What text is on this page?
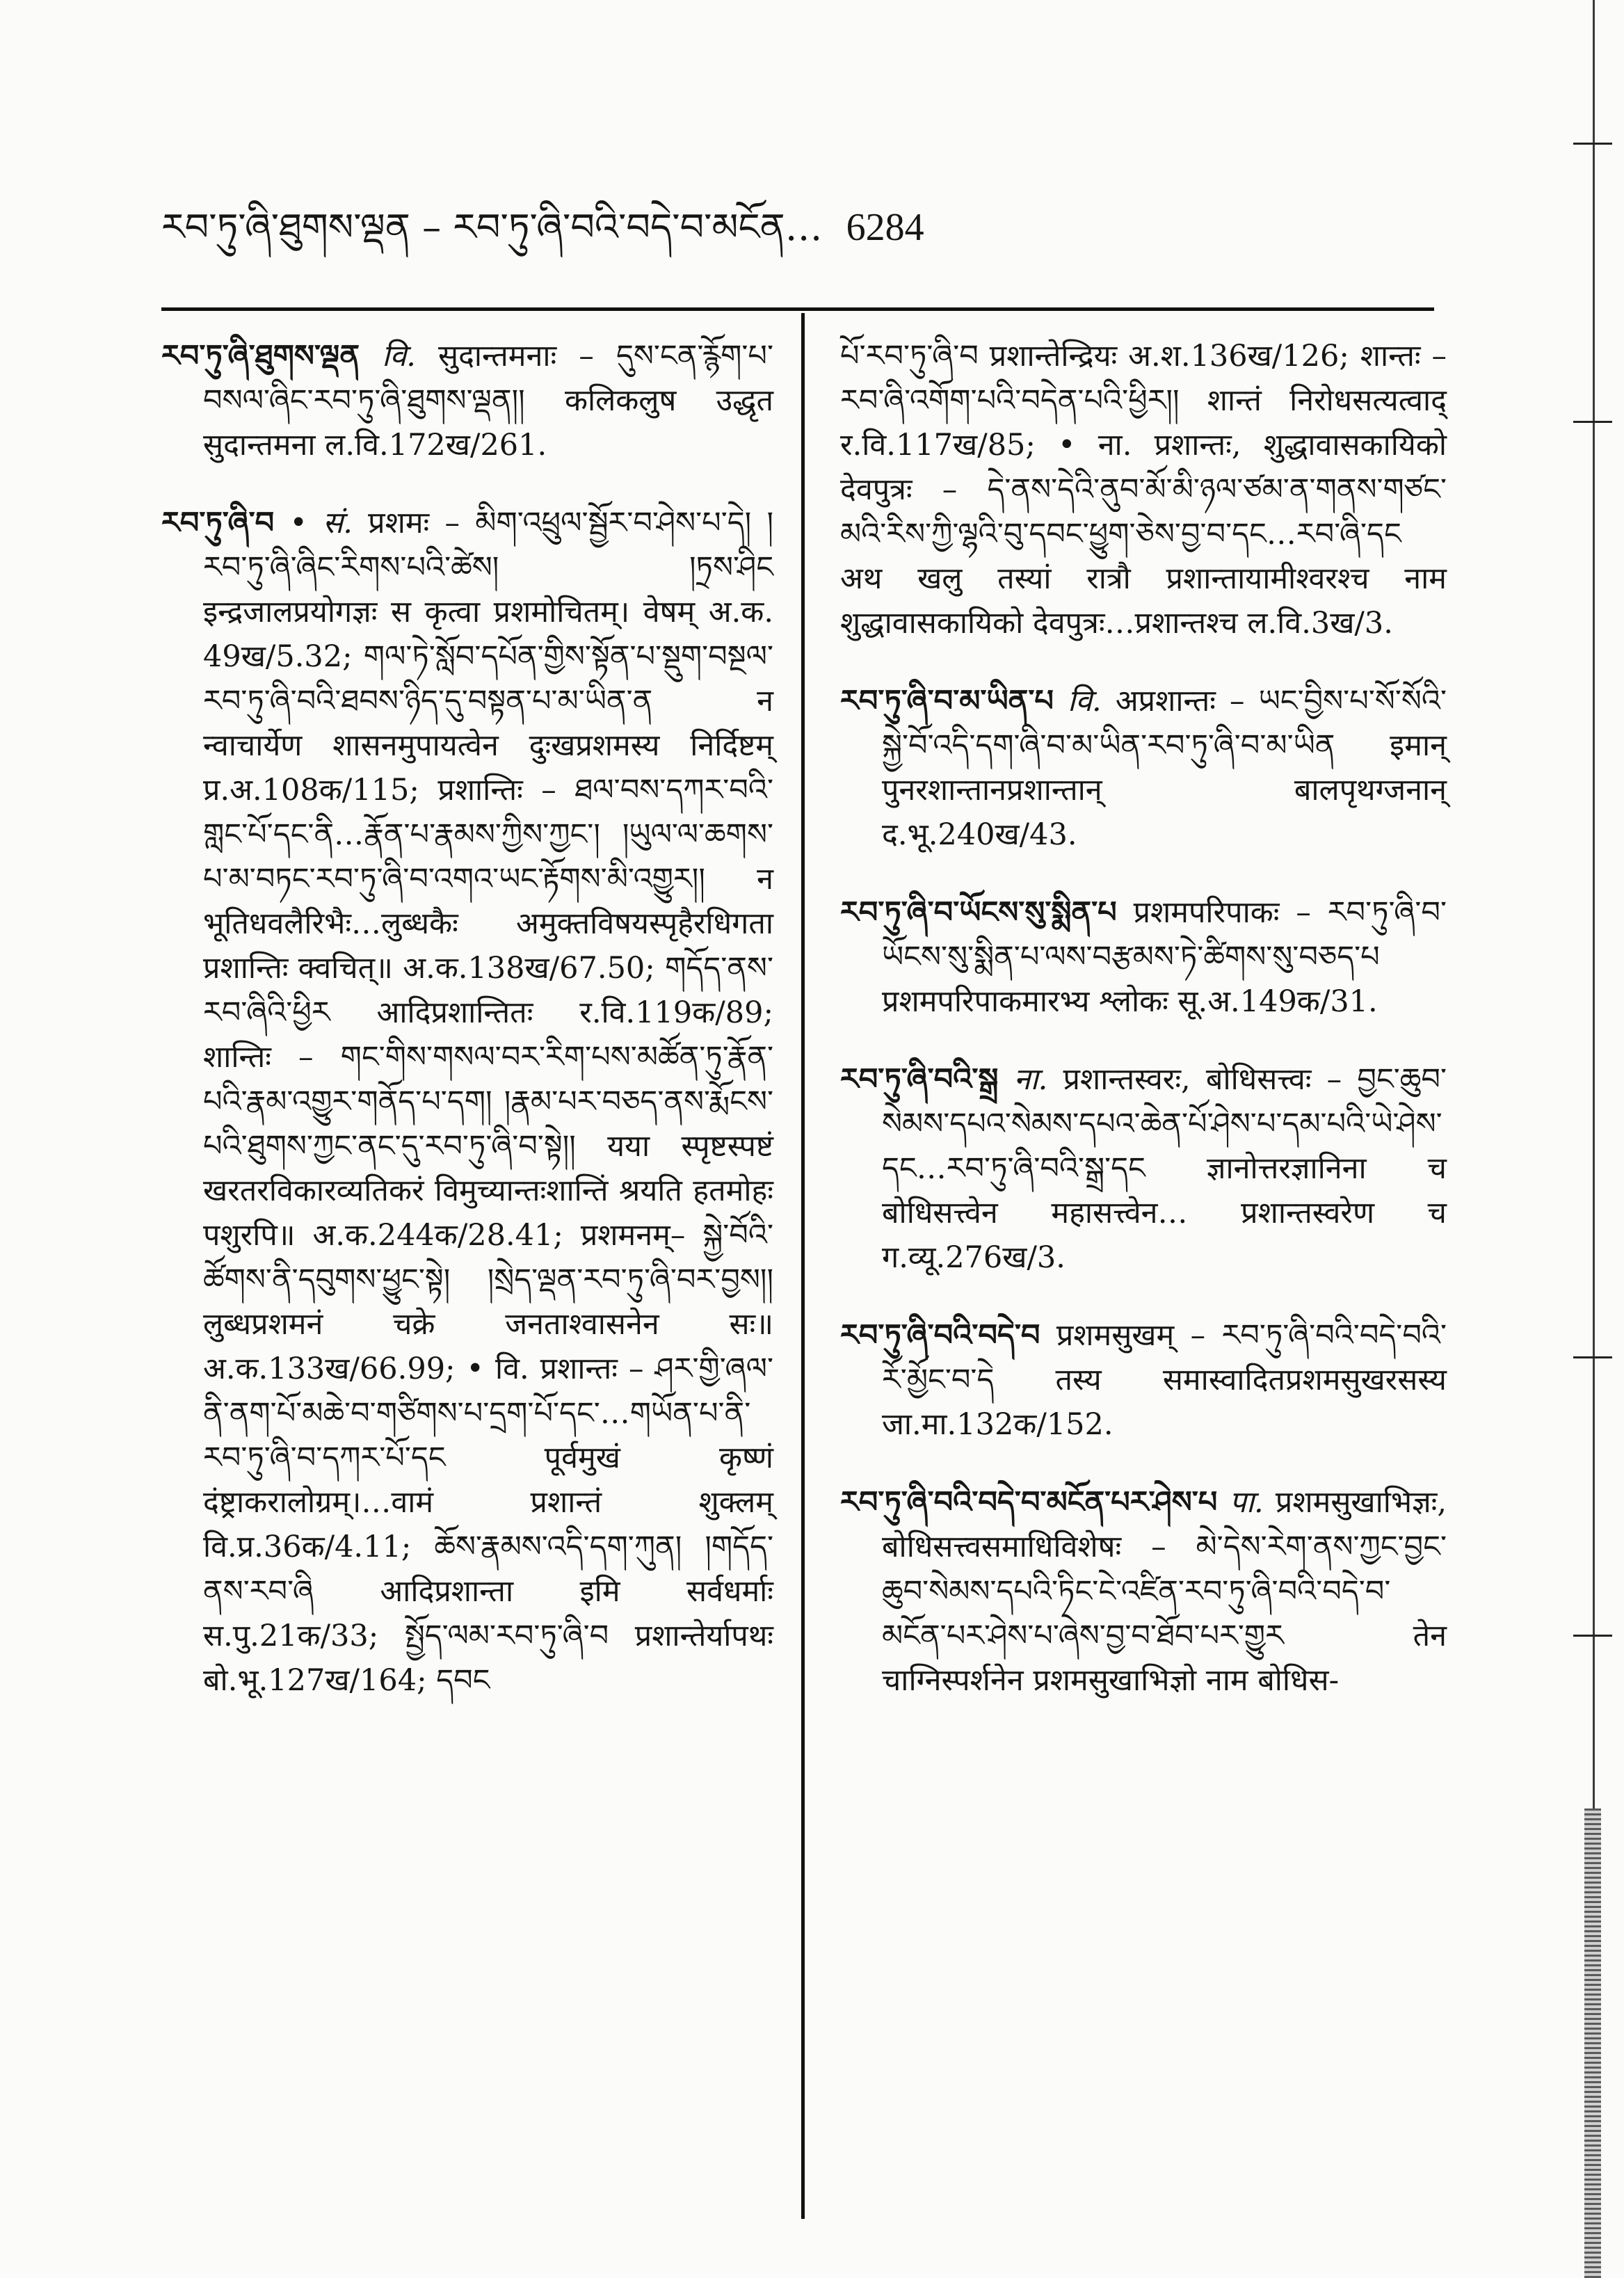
རབ་ཏུ་ཞི་ཐུགས་ལྡན – རབ་ཏུ་ཞི་བའི་བདེ་བ་མངོན… 6284

རབ་ཏུ་ཞི་ཐུགས་ལྡན वि. सुदान्तमनाः – དུས་ངན་རྙོག་པ་བསལ་ཞིང་རབ་ཏུ་ཞི་ཐུགས་ལྡན།། कलिकलुष उद्धृत सुदान्तमना ल.वि.172ख/261.

རབ་ཏུ་ཞི་བ • सं. प्रशमः – མིག་འཕྲུལ་སྦྱོར་བ་ཤེས་པ་དེ། །རབ་ཏུ་ཞི་ཞིང་རིགས་པའི་ཚེས། །ཏྲས་ཤིང इन्द्रजालप्रयोगज्ञः स कृत्वा प्रशमोचितम्। वेषम् अ.क. 49ख/5.32; གལ་ཏེ་སློབ་དཔོན་གྱིས་སྟོན་པ་སྡུག་བསྔལ་རབ་ཏུ་ཞི་བའི་ཐབས་ཉིད་དུ་བསྟན་པ་མ་ཡིན་ན न न्वाचार्येण शासनमुपायत्वेन दुःखप्रशमस्य निर्दिष्टम् प्र.अ.108क/115; प्रशान्तिः – ཐལ་བས་དཀར་བའི་གླང་པོ་དང་ནི…རྣོན་པ་རྣམས་ཀྱིས་ཀྱང་། །ཡུལ་ལ་ཆགས་པ་མ་བཏང་རབ་ཏུ་ཞི་བ་འགའ་ཡང་རྟོགས་མི་འགྱུར།། न भूतिधवलैरिभैः…लुब्धकैः अमुक्तविषयस्पृहैरधिगता प्रशान्तिः क्वचित्॥ अ.क.138ख/67.50; གདོད་ནས་རབ་ཞིའི་ཕྱིར आदिप्रशान्तितः र.वि.119क/89; शान्तिः – གང་གིས་གསལ་བར་རིག་པས་མཚོན་ཏུ་རྣོན་པའི་རྣམ་འགྱུར་གནོད་པ་དག། །རྣམ་པར་བཅད་ནས་རྨོངས་པའི་ཐུགས་ཀྱང་ནང་དུ་རབ་ཏུ་ཞི་བ་སྟེ།། यया स्पृष्टस्पष्टं खरतरविकारव्यतिकरं विमुच्यान्तःशान्तिं श्रयति हतमोहः पशुरपि॥ अ.क.244क/28.41; प्रशमनम्– སྐྱེ་བོའི་ཚོགས་ནི་དབུགས་ཕྱུང་སྟེ། །སྲེད་ལྡན་རབ་ཏུ་ཞི་བར་བྱས།། लुब्धप्रशमनं चक्रे जनताश्वासनेन सः॥ अ.क.133ख/66.99; • वि. प्रशान्तः – ཤར་གྱི་ཞལ་ནི་ནག་པོ་མཆེ་བ་གཙིགས་པ་དྲག་པོ་དང་…གཡོན་པ་ནི་རབ་ཏུ་ཞི་བ་དཀར་པོ་དང पूर्वमुखं कृष्णं दंष्ट्राकरालोग्रम्।…वामं प्रशान्तं शुक्लम् वि.प्र.36क/4.11; ཆོས་རྣམས་འདི་དག་ཀུན། །གདོད་ནས་རབ་ཞི आदिप्रशान्ता इमि सर्वधर्माः स.पु.21क/33; སྤྱོད་ལམ་རབ་ཏུ་ཞི་བ प्रशान्तेर्यापथः बो.भू.127ख/164; དབང

པོ་རབ་ཏུ་ཞི་བ प्रशान्तेन्द्रियः अ.श.136ख/126; शान्तः – རབ་ཞི་འགོག་པའི་བདེན་པའི་ཕྱིར།། शान्तं निरोधसत्यत्वाद् र.वि.117ख/85; • ना. प्रशान्तः, शुद्धावासकायिको देवपुत्रः – དེ་ནས་དེའི་ནུབ་མོ་མི་ཉལ་ཙམ་ན་གནས་གཙང་མའི་རིས་ཀྱི་ལྷའི་བུ་དབང་ཕྱུག་ཅེས་བྱ་བ་དང…རབ་ཞི་དང अथ खलु तस्यां रात्रौ प्रशान्तायामीश्वरश्च नाम शुद्धावासकायिको देवपुत्रः…प्रशान्तश्च ल.वि.3ख/3.

རབ་ཏུ་ཞི་བ་མ་ཡིན་པ वि. अप्रशान्तः – ཡང་བྱིས་པ་སོ་སོའི་སྐྱེ་བོ་འདི་དག་ཞི་བ་མ་ཡིན་རབ་ཏུ་ཞི་བ་མ་ཡིན इमान् पुनरशान्तानप्रशान्तान् बालपृथग्जनान् द.भू.240ख/43.

རབ་ཏུ་ཞི་བ་ཡོངས་སུ་སྨིན་པ प्रशमपरिपाकः – རབ་ཏུ་ཞི་བ་ཡོངས་སུ་སྨིན་པ་ལས་བརྩམས་ཏེ་ཚིགས་སུ་བཅད་པ प्रशमपरिपाकमारभ्य श्लोकः सू.अ.149क/31.

རབ་ཏུ་ཞི་བའི་སྒྲ ना. प्रशान्तस्वरः, बोधिसत्त्वः – བྱང་ཆུབ་སེམས་དཔའ་སེམས་དཔའ་ཆེན་པོ་ཤེས་པ་དམ་པའི་ཡེ་ཤེས་དང…རབ་ཏུ་ཞི་བའི་སྒྲ་དང ज्ञानोत्तरज्ञानिना च बोधिसत्त्वेन महासत्त्वेन… प्रशान्तस्वरेण च ग.व्यू.276ख/3.

རབ་ཏུ་ཞི་བའི་བདེ་བ प्रशमसुखम् – རབ་ཏུ་ཞི་བའི་བདེ་བའི་རོ་མྱོང་བ་དེ तस्य समास्वादितप्रशमसुखरसस्य जा.मा.132क/152.

རབ་ཏུ་ཞི་བའི་བདེ་བ་མངོན་པར་ཤེས་པ पा. प्रशमसुखाभिज्ञः, बोधिसत्त्वसमाधिविशेषः – མེ་དེས་རེག་ནས་ཀྱང་བྱང་ཆུབ་སེམས་དཔའི་ཏིང་ངེ་འཛིན་རབ་ཏུ་ཞི་བའི་བདེ་བ་མངོན་པར་ཤེས་པ་ཞེས་བྱ་བ་ཐོབ་པར་གྱུར तेन चाग्निस्पर्शनेन प्रशमसुखाभिज्ञो नाम बोधिस-
